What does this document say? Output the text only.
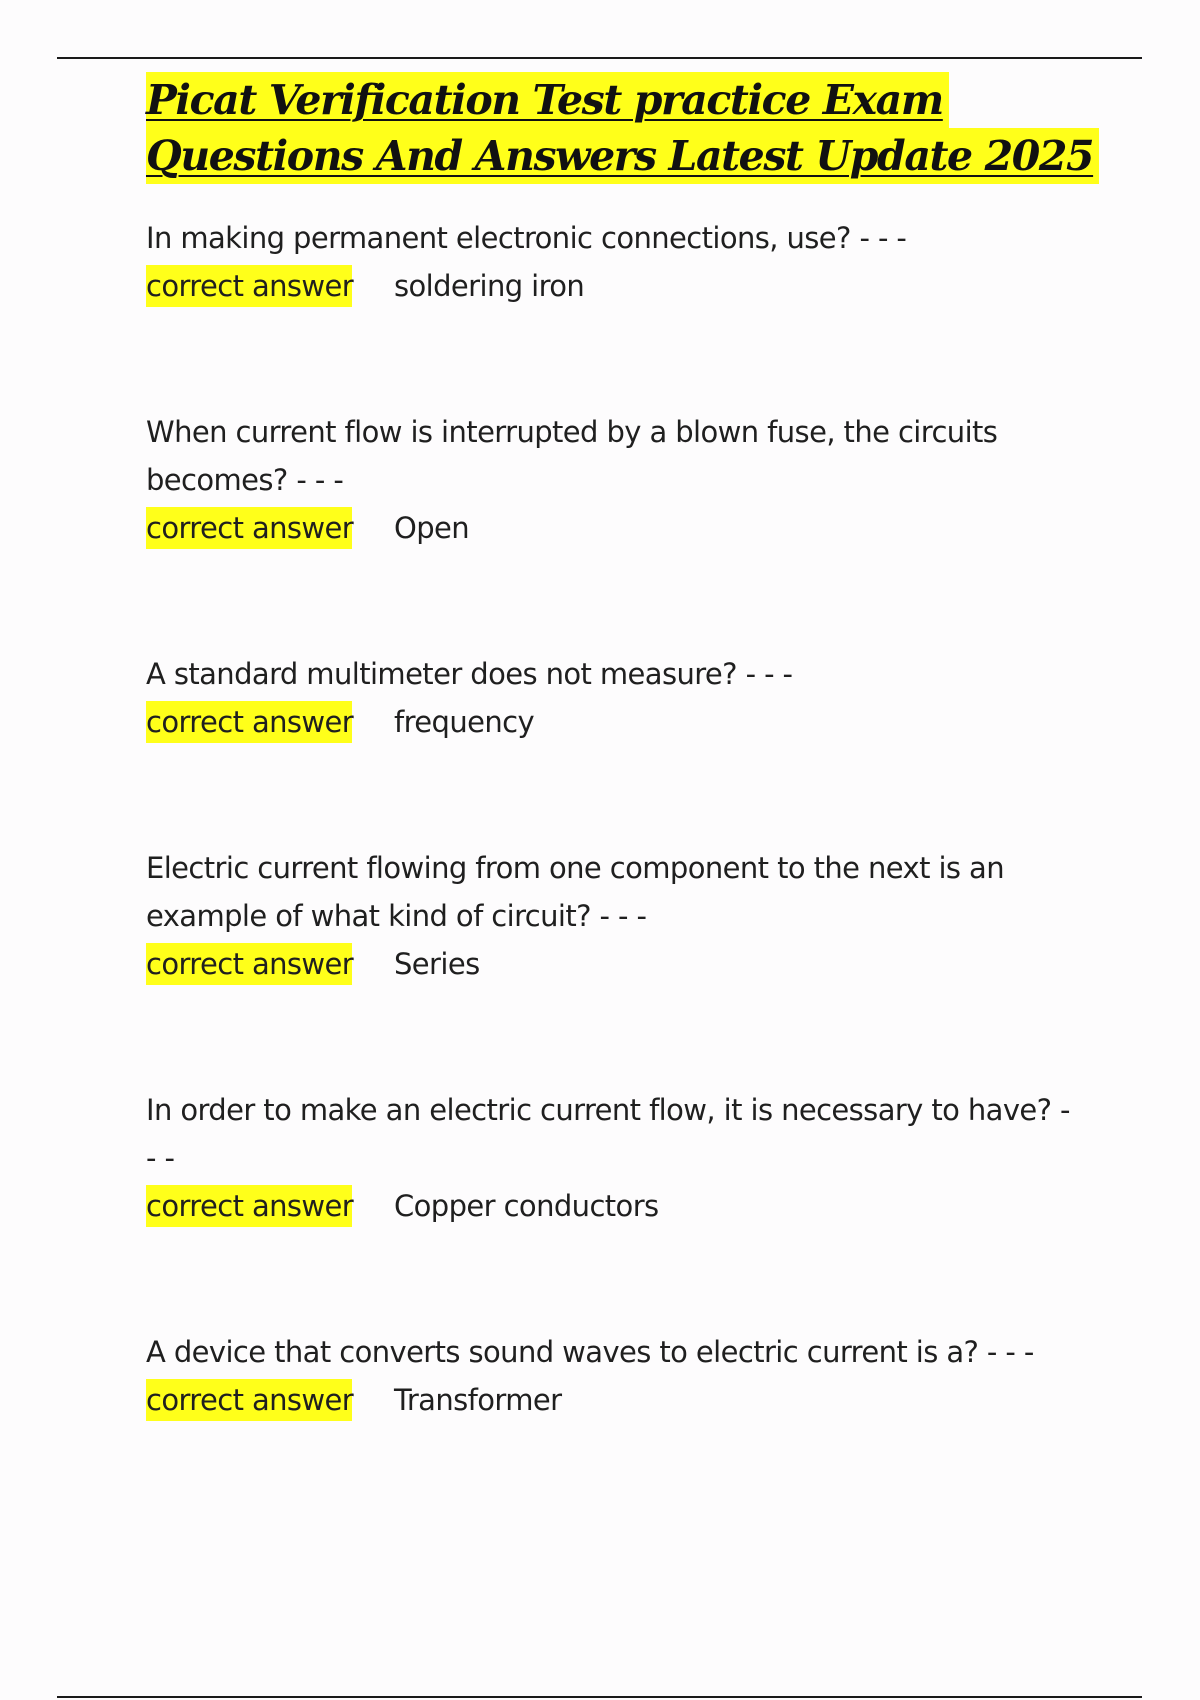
Picat Verification Test practice Exam
Questions And Answers Latest Update 2025

In making permanent electronic connections, use? - - -

correct answer soldering iron

When current flow is interrupted by a blown fuse, the circuits becomes? - - -

correct answer Open

A standard multimeter does not measure? - - -

correct answer frequency

Electric current flowing from one component to the next is an example of what kind of circuit? - - -

correct answer Series

In order to make an electric current flow, it is necessary to have? - - -

correct answer Copper conductors

A device that converts sound waves to electric current is a? - - -

correct answer Transformer
